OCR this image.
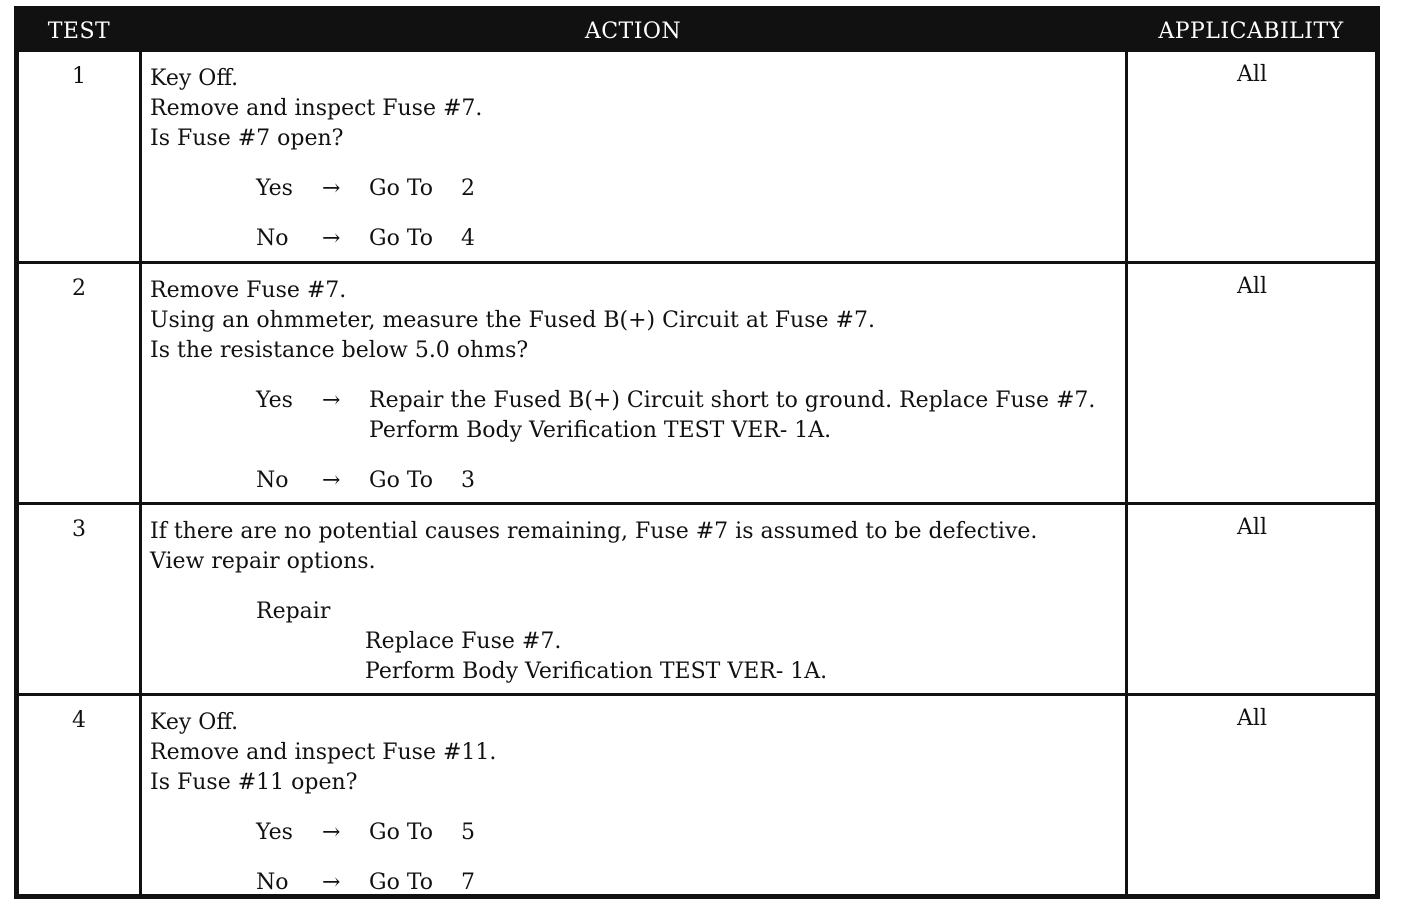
TEST	ACTION	APPLICABILITY
1	Key Off.
Remove and inspect Fuse #7.
Is Fuse #7 open?
Yes → Go To 2
No → Go To 4
All
2	Remove Fuse #7.
Using an ohmmeter, measure the Fused B(+) Circuit at Fuse #7.
Is the resistance below 5.0 ohms?
Yes → Repair the Fused B(+) Circuit short to ground. Replace Fuse #7.
Perform Body Verification TEST VER- 1A.
No → Go To 3
All
3	If there are no potential causes remaining, Fuse #7 is assumed to be defective.
View repair options.
Repair
Replace Fuse #7.
Perform Body Verification TEST VER- 1A.
All
4	Key Off.
Remove and inspect Fuse #11.
Is Fuse #11 open?
Yes → Go To 5
No → Go To 7
All
